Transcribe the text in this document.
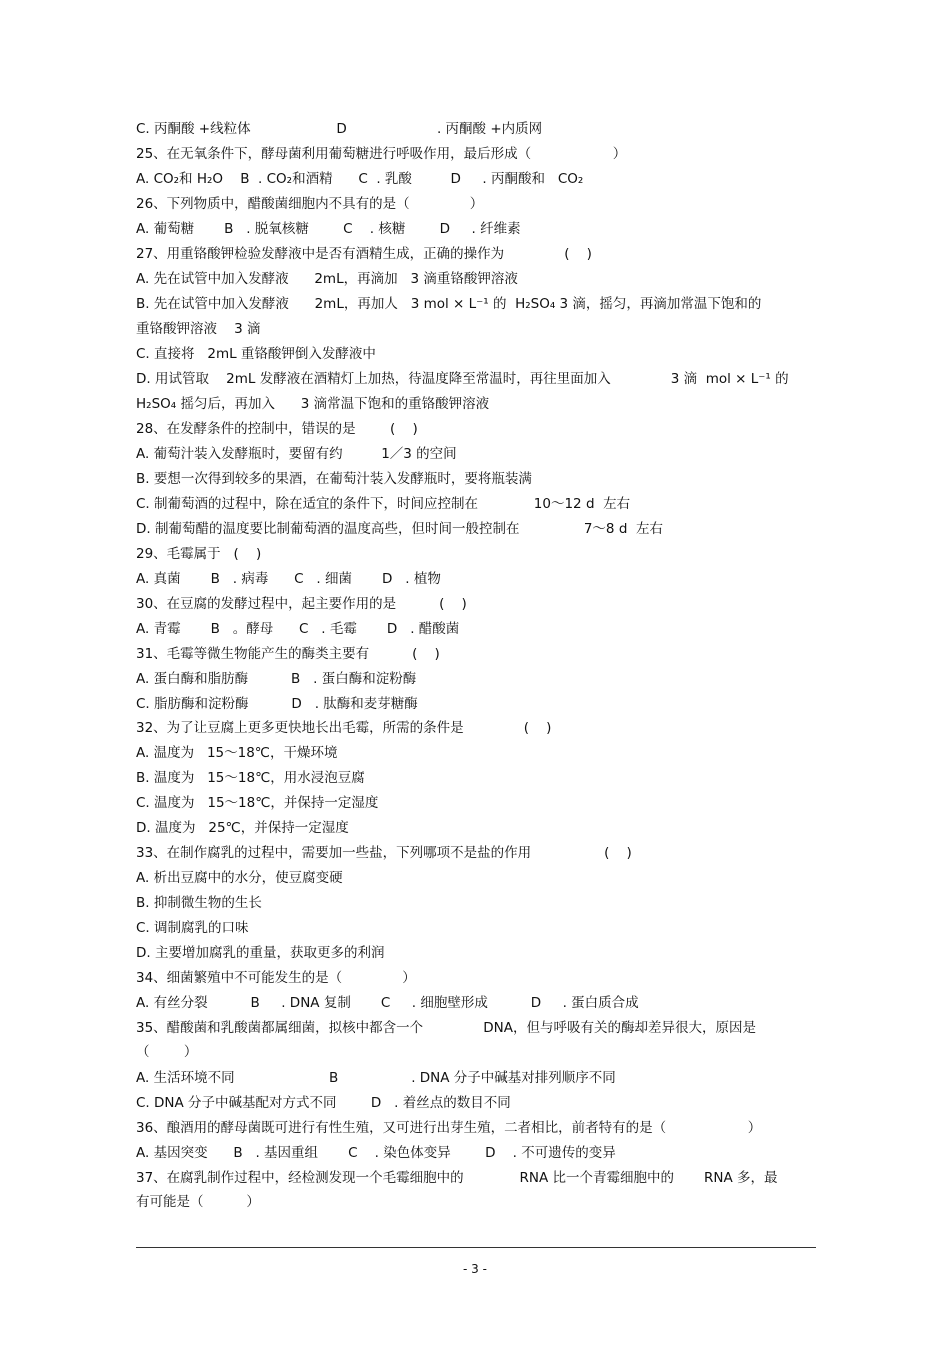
C. 丙酮酸 +线粒体                    D                     . 丙酮酸 +内质网
25、在无氧条件下，酵母菌利用葡萄糖进行呼吸作用，最后形成（                   ）
A. CO₂和 H₂O    B  . CO₂和酒精      C  . 乳酸         D     . 丙酮酸和   CO₂
26、下列物质中，醋酸菌细胞内不具有的是（              ）
A. 葡萄糖       B   . 脱氧核糖        C    . 核糖        D     . 纤维素
27、用重铬酸钾检验发酵液中是否有酒精生成，正确的操作为              (    )
A. 先在试管中加入发酵液      2mL，再滴加   3 滴重铬酸钾溶液
B. 先在试管中加入发酵液      2mL，再加人   3 mol × L⁻¹ 的  H₂SO₄ 3 滴，摇匀，再滴加常温下饱和的
重铬酸钾溶液    3 滴
C. 直接将   2mL 重铬酸钾倒入发酵液中
D. 用试管取    2mL 发酵液在酒精灯上加热，待温度降至常温时，再往里面加入              3 滴  mol × L⁻¹ 的
H₂SO₄ 摇匀后，再加入      3 滴常温下饱和的重铬酸钾溶液
28、在发酵条件的控制中，错误的是        (    )
A. 葡萄汁装入发酵瓶时，要留有约         1／3 的空间
B. 要想一次得到较多的果酒，在葡萄汁装入发酵瓶时，要将瓶装满
C. 制葡萄酒的过程中，除在适宜的条件下，时间应控制在             10～12 d  左右
D. 制葡萄醋的温度要比制葡萄酒的温度高些，但时间一般控制在               7～8 d  左右
29、毛霉属于   (    )
A. 真菌       B   . 病毒      C   . 细菌       D   . 植物
30、在豆腐的发酵过程中，起主要作用的是          (    )
A. 青霉       B   。酵母      C   . 毛霉       D   . 醋酸菌
31、毛霉等微生物能产生的酶类主要有          (    )
A. 蛋白酶和脂肪酶          B   . 蛋白酶和淀粉酶
C. 脂肪酶和淀粉酶          D   . 肽酶和麦芽糖酶
32、为了让豆腐上更多更快地长出毛霉，所需的条件是              (    )
A. 温度为   15～18℃，干燥环境
B. 温度为   15～18℃，用水浸泡豆腐
C. 温度为   15～18℃，并保持一定湿度
D. 温度为   25℃，并保持一定湿度
33、在制作腐乳的过程中，需要加一些盐，下列哪项不是盐的作用                 (    )
A. 析出豆腐中的水分，使豆腐变硬
B. 抑制微生物的生长
C. 调制腐乳的口味
D. 主要增加腐乳的重量，获取更多的利润
34、细菌繁殖中不可能发生的是（              ）
A. 有丝分裂          B     . DNA 复制       C     . 细胞壁形成          D     . 蛋白质合成
35、醋酸菌和乳酸菌都属细菌，拟核中都含一个              DNA，但与呼吸有关的酶却差异很大，原因是
（        ）
A. 生活环境不同                      B                 . DNA 分子中碱基对排列顺序不同
C. DNA 分子中碱基配对方式不同        D   . 着丝点的数目不同
36、酿酒用的酵母菌既可进行有性生殖，又可进行出芽生殖，二者相比，前者特有的是（                   ）
A. 基因突变      B   . 基因重组       C    . 染色体变异        D    . 不可遗传的变异
37、在腐乳制作过程中，经检测发现一个毛霉细胞中的             RNA 比一个青霉细胞中的       RNA 多，最
有可能是（          ）
- 3 -
